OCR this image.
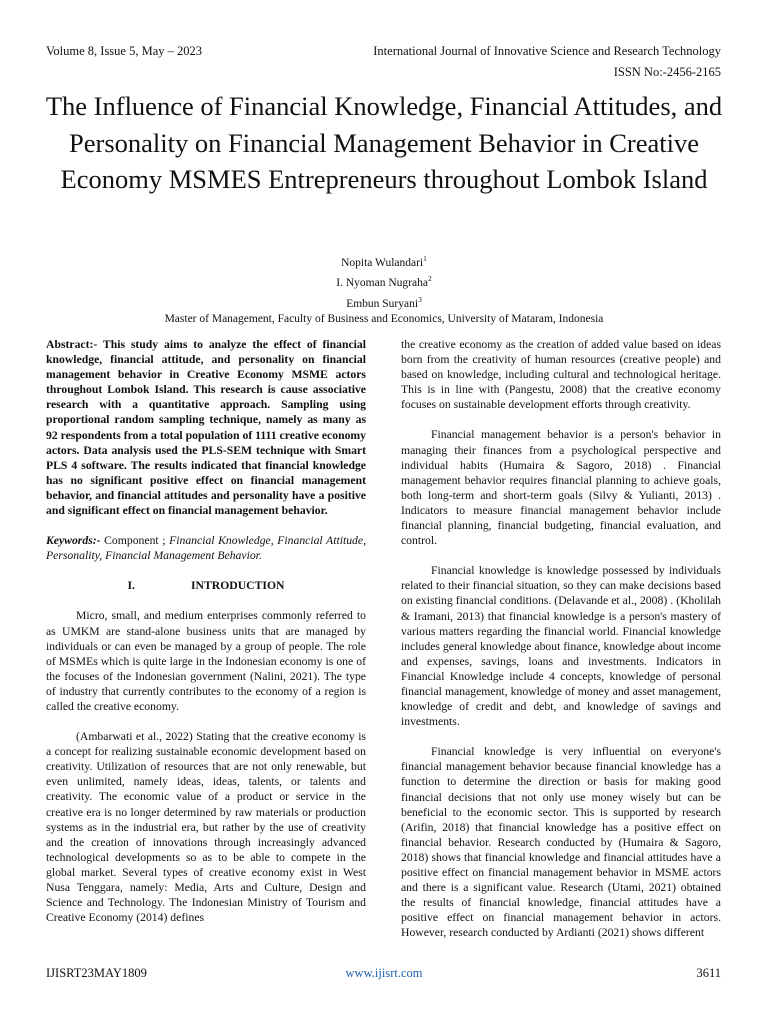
Volume 8, Issue 5, May – 2023	International Journal of Innovative Science and Research Technology
ISSN No:-2456-2165
The Influence of Financial Knowledge, Financial Attitudes, and Personality on Financial Management Behavior in Creative Economy MSMES Entrepreneurs throughout Lombok Island
Nopita Wulandari$^1$
I. Nyoman Nugraha$^2$
Embun Suryani$^3$
Master of Management, Faculty of Business and Economics, University of Mataram, Indonesia

Abstract:- This study aims to analyze the effect of financial knowledge, financial attitude, and personality on financial management behavior in Creative Economy MSME actors throughout Lombok Island. This research is cause associative research with a quantitative approach. Sampling using proportional random sampling technique, namely as many as 92 respondents from a total population of 1111 creative economy actors. Data analysis used the PLS-SEM technique with Smart PLS 4 software. The results indicated that financial knowledge has no significant positive effect on financial management behavior, and financial attitudes and personality have a positive and significant effect on financial management behavior.

Keywords:- Component ; Financial Knowledge, Financial Attitude, Personality, Financial Management Behavior.

I.	INTRODUCTION

Micro, small, and medium enterprises commonly referred to as UMKM are stand-alone business units that are managed by individuals or can even be managed by a group of people. The role of MSMEs which is quite large in the Indonesian economy is one of the focuses of the Indonesian government (Nalini, 2021). The type of industry that currently contributes to the economy of a region is called the creative economy.

(Ambarwati et al., 2022) Stating that the creative economy is a concept for realizing sustainable economic development based on creativity. Utilization of resources that are not only renewable, but even unlimited, namely ideas, ideas, talents, or talents and creativity. The economic value of a product or service in the creative era is no longer determined by raw materials or production systems as in the industrial era, but rather by the use of creativity and the creation of innovations through increasingly advanced technological developments so as to be able to compete in the global market. Several types of creative economy exist in West Nusa Tenggara, namely: Media, Arts and Culture, Design and Science and Technology. The Indonesian Ministry of Tourism and Creative Economy (2014) defines

the creative economy as the creation of added value based on ideas born from the creativity of human resources (creative people) and based on knowledge, including cultural and technological heritage. This is in line with (Pangestu, 2008) that the creative economy focuses on sustainable development efforts through creativity.

Financial management behavior is a person's behavior in managing their finances from a psychological perspective and individual habits (Humaira & Sagoro, 2018) . Financial management behavior requires financial planning to achieve goals, both long-term and short-term goals (Silvy & Yulianti, 2013) . Indicators to measure financial management behavior include financial planning, financial budgeting, financial evaluation, and control.

Financial knowledge is knowledge possessed by individuals related to their financial situation, so they can make decisions based on existing financial conditions. (Delavande et al., 2008) . (Kholilah & Iramani, 2013) that financial knowledge is a person's mastery of various matters regarding the financial world. Financial knowledge includes general knowledge about finance, knowledge about income and expenses, savings, loans and investments. Indicators in Financial Knowledge include 4 concepts, knowledge of personal financial management, knowledge of money and asset management, knowledge of credit and debt, and knowledge of savings and investments.

Financial knowledge is very influential on everyone's financial management behavior because financial knowledge has a function to determine the direction or basis for making good financial decisions that not only use money wisely but can be beneficial to the economic sector. This is supported by research (Arifin, 2018) that financial knowledge has a positive effect on financial behavior. Research conducted by (Humaira & Sagoro, 2018) shows that financial knowledge and financial attitudes have a positive effect on financial management behavior in MSME actors and there is a significant value. Research (Utami, 2021) obtained the results of financial knowledge, financial attitudes have a positive effect on financial management behavior in actors. However, research conducted by Ardianti (2021) shows different

IJISRT23MAY1809	www.ijisrt.com	3611
